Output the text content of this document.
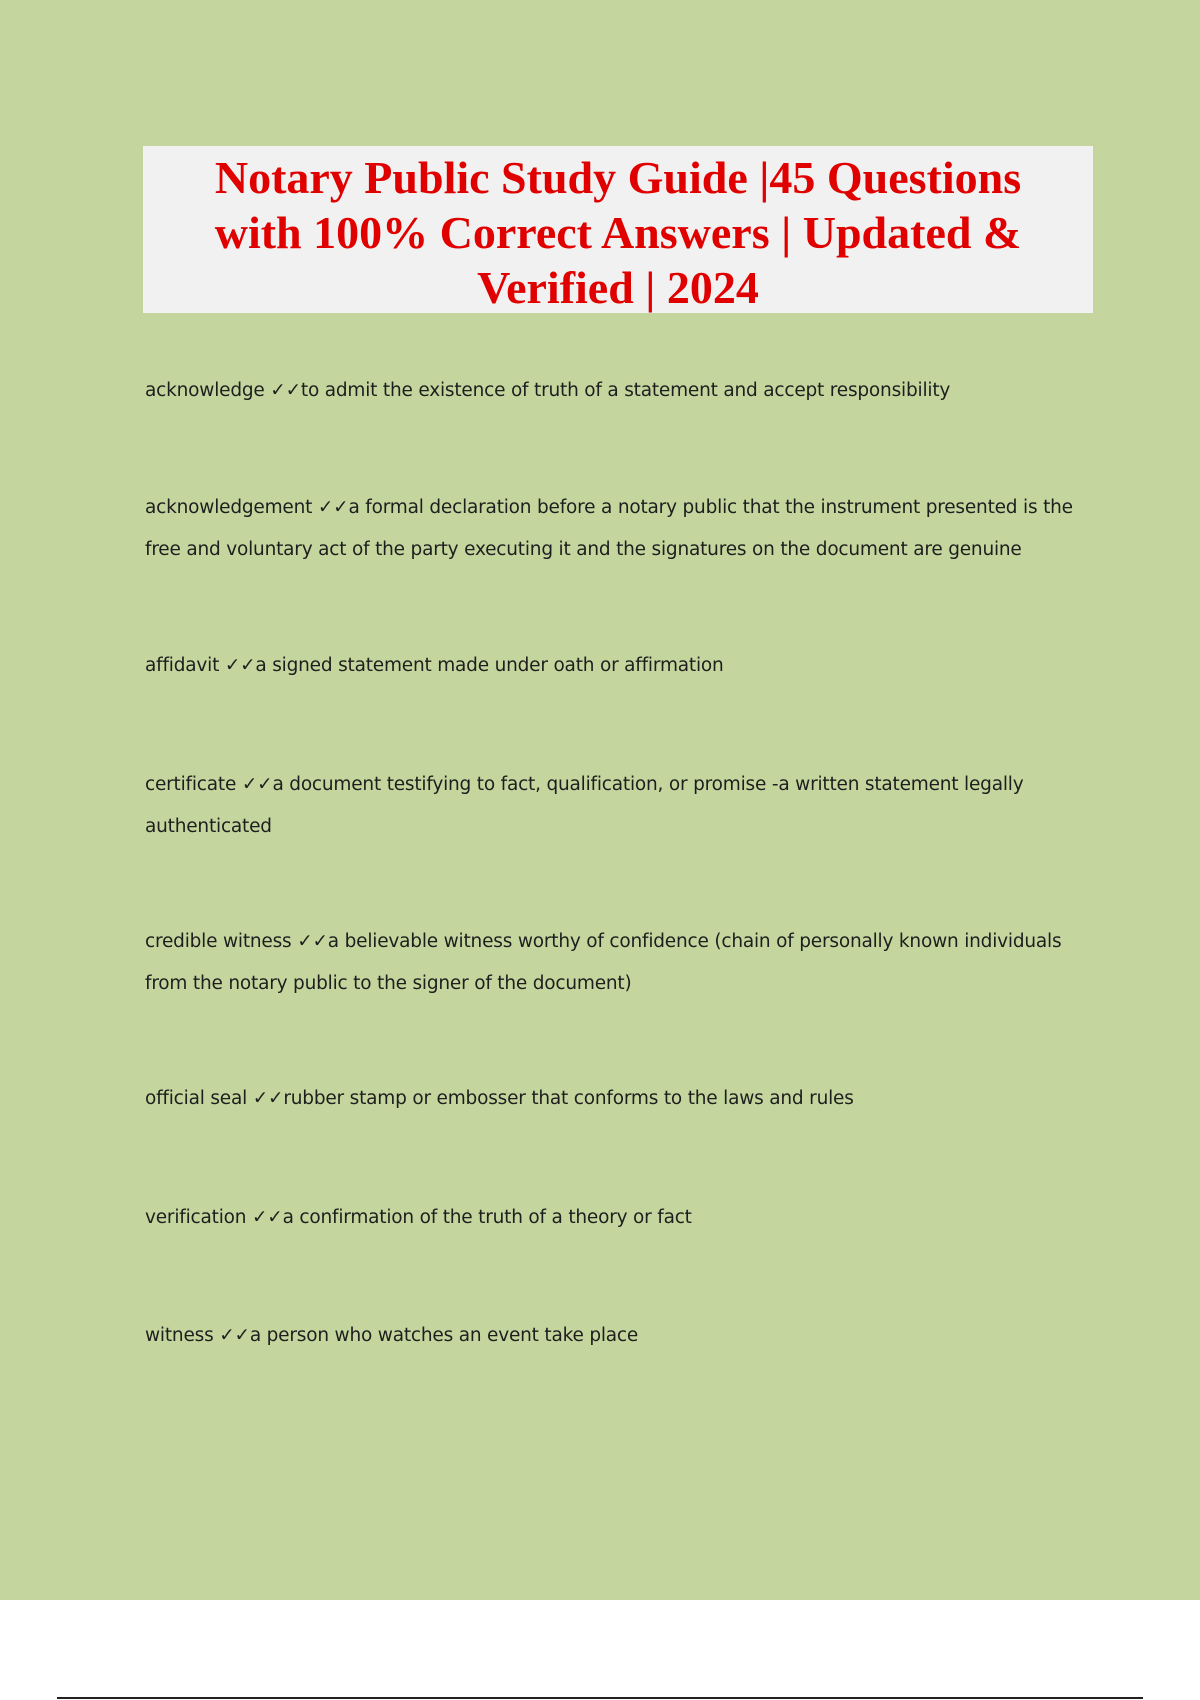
Notary Public Study Guide |45 Questions
with 100% Correct Answers | Updated &
Verified | 2024
acknowledge ✓✓to admit the existence of truth of a statement and accept responsibility
acknowledgement ✓✓a formal declaration before a notary public that the instrument presented is the free and voluntary act of the party executing it and the signatures on the document are genuine
affidavit ✓✓a signed statement made under oath or affirmation
certificate ✓✓a document testifying to fact, qualification, or promise -a written statement legally authenticated
credible witness ✓✓a believable witness worthy of confidence (chain of personally known individuals from the notary public to the signer of the document)
official seal ✓✓rubber stamp or embosser that conforms to the laws and rules
verification ✓✓a confirmation of the truth of a theory or fact
witness ✓✓a person who watches an event take place
